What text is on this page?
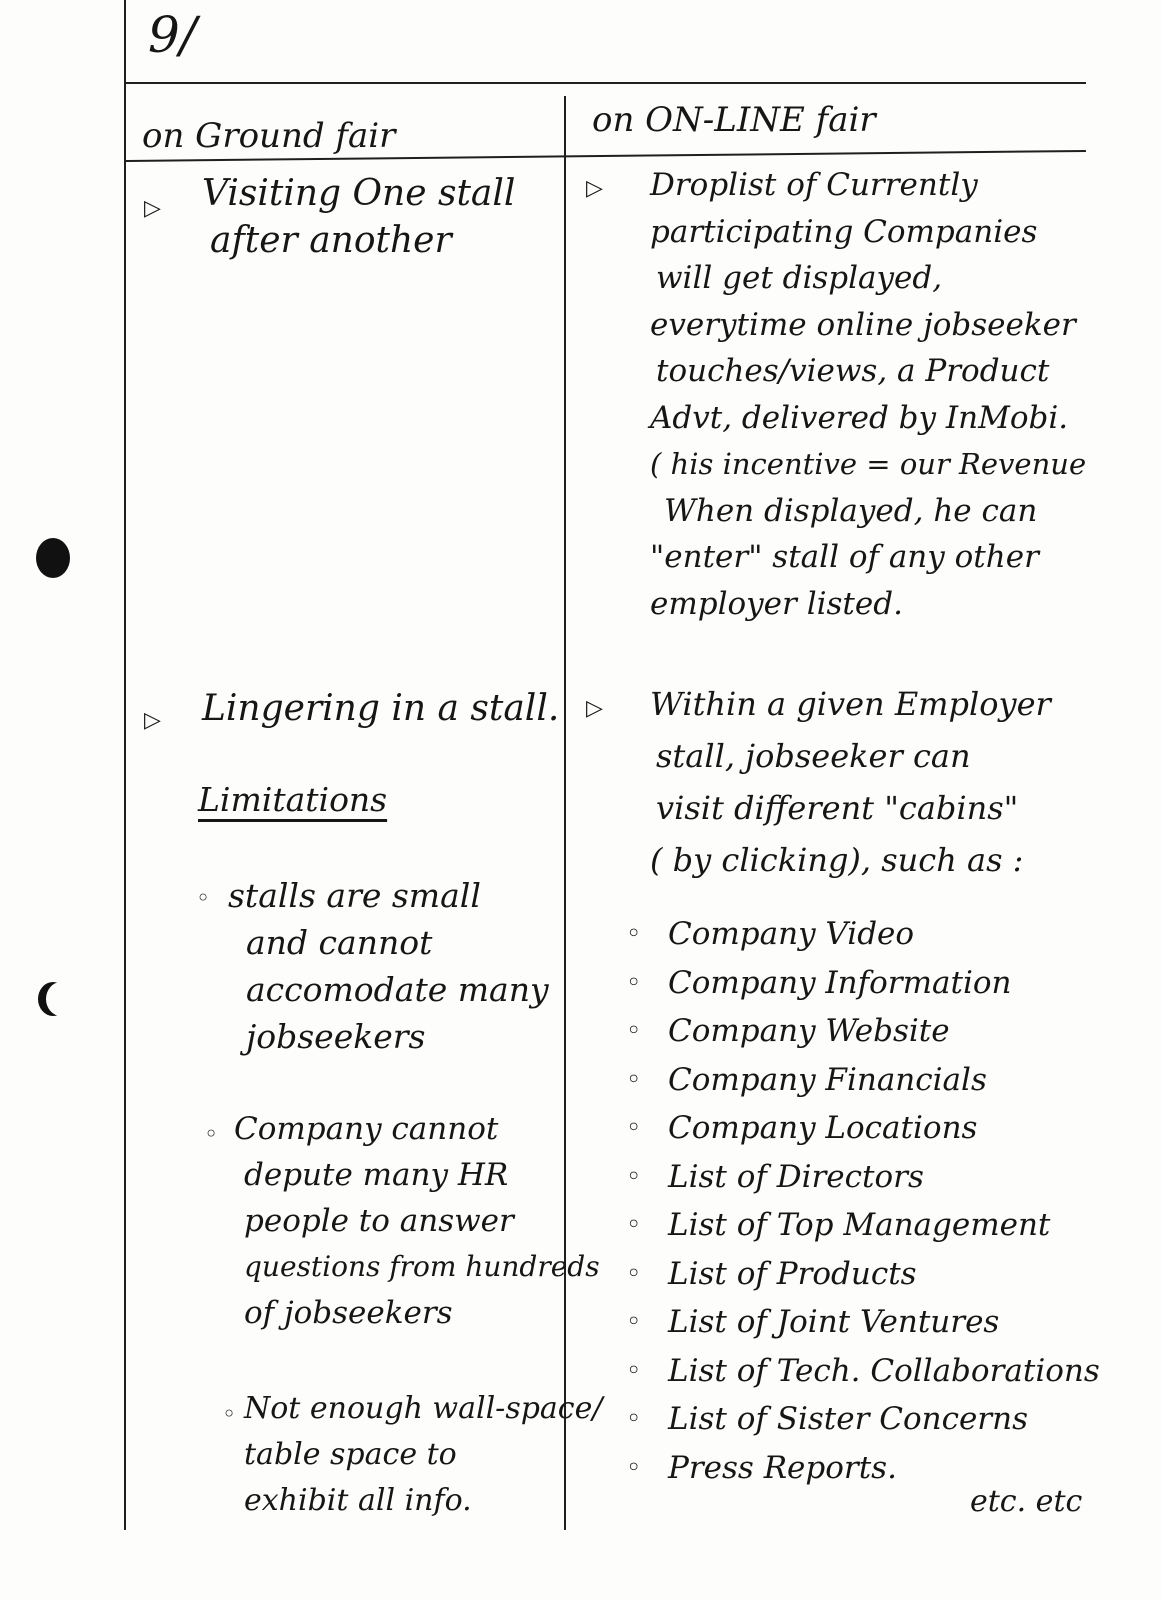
9/
on Ground fair	on ON-LINE fair
▷ Visiting One stall
after another
▷ Lingering in a stall.
Limitations
◦ stalls are small
and cannot
accomodate many
jobseekers
◦ Company cannot
depute many HR
people to answer
questions from hundreds
of jobseekers
◦ Not enough wall-space/
table space to
exhibit all info.
▷ Droplist of Currently
participating Companies
will get displayed,
everytime online jobseeker
touches/views, a Product
Advt, delivered by InMobi.
( his incentive = our Revenue
When displayed, he can
"enter" stall of any other
employer listed.
▷ Within a given Employer
stall, jobseeker can
visit different "cabins"
( by clicking), such as :
◦ Company Video
◦ Company Information
◦ Company Website
◦ Company Financials
◦ Company Locations
◦ List of Directors
◦ List of Top Management
◦ List of Products
◦ List of Joint Ventures
◦ List of Tech. Collaborations
◦ List of Sister Concerns
◦ Press Reports.
etc. etc
